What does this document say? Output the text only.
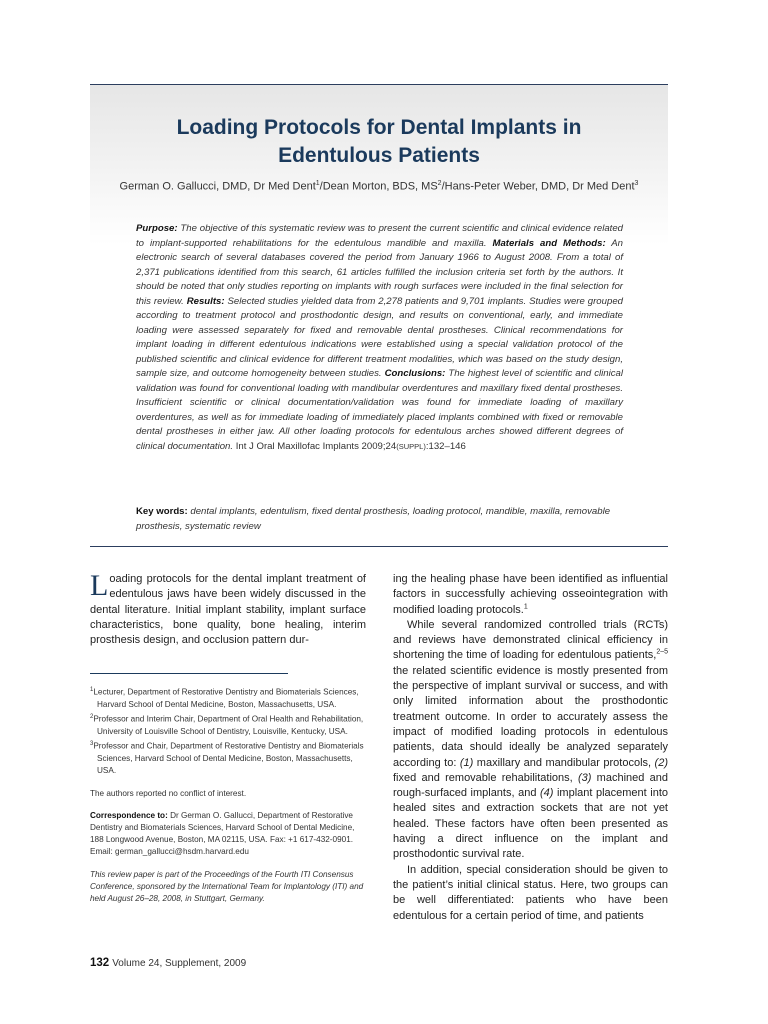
Loading Protocols for Dental Implants in
Edentulous Patients
German O. Gallucci, DMD, Dr Med Dent$^1$/Dean Morton, BDS, $MS^2/Hans$-Peter Weber, DMD, Dr Med Dent$^3$

Purpose: The objective of this systematic review was to present the current scientific and clinical evidence related to implant-supported rehabilitations for the edentulous mandible and maxilla. Materials and Methods: An electronic search of several databases covered the period from January 1966 to August 2008. From a total of 2,371 publications identified from this search, 61 articles fulfilled the inclusion criteria set forth by the authors. It should be noted that only studies reporting on implants with rough surfaces were included in the final selection for this review. Results: Selected studies yielded data from 2,278 patients and 9,701 implants. Studies were grouped according to treatment protocol and prosthodontic design, and results on conventional, early, and immediate loading were assessed separately for fixed and removable dental prostheses. Clinical recommendations for implant loading in different edentulous indications were established using a special validation protocol of the published scientific and clinical evidence for different treatment modalities, which was based on the study design, sample size, and outcome homogeneity between studies. Conclusions: The highest level of scientific and clinical validation was found for conventional loading with mandibular overdentures and maxillary fixed dental prostheses. Insufficient scientific or clinical documentation/validation was found for immediate loading of maxillary overdentures, as well as for immediate loading of immediately placed implants combined with fixed or removable dental prostheses in either jaw. All other loading protocols for edentulous arches showed different degrees of clinical documentation. Int J Oral Maxillofac Implants 2009;24(SUPPL):132–146

Key words: dental implants, edentulism, fixed dental prosthesis, loading protocol, mandible, maxilla, removable prosthesis, systematic review

Loading protocols for the dental implant treatment of edentulous jaws have been widely discussed in the dental literature. Initial implant stability, implant surface characteristics, bone quality, bone healing, interim prosthesis design, and occlusion pattern dur-

$^1$Lecturer, Department of Restorative Dentistry and Biomaterials Sciences, Harvard School of Dental Medicine, Boston, Massachusetts, USA.

$^2$Professor and Interim Chair, Department of Oral Health and Rehabilitation, University of Louisville School of Dentistry, Louisville, Kentucky, USA.

$^3$Professor and Chair, Department of Restorative Dentistry and Biomaterials Sciences, Harvard School of Dental Medicine, Boston, Massachusetts, USA.

The authors reported no conflict of interest.

Correspondence to: Dr German O. Gallucci, Department of Restorative Dentistry and Biomaterials Sciences, Harvard School of Dental Medicine, 188 Longwood Avenue, Boston, MA 02115, USA. Fax: +1 617-432-0901. Email: german_gallucci@hsdm.harvard.edu

This review paper is part of the Proceedings of the Fourth ITI Consensus Conference, sponsored by the International Team for Implantology (ITI) and held August 26–28, 2008, in Stuttgart, Germany.

ing the healing phase have been identified as influential factors in successfully achieving osseointegration with modified loading protocols.$^1$

While several randomized controlled trials (RCTs) and reviews have demonstrated clinical efficiency in shortening the time of loading for edentulous patients,$^{2-5}$ the related scientific evidence is mostly presented from the perspective of implant survival or success, and with only limited information about the prosthodontic treatment outcome. In order to accurately assess the impact of modified loading protocols in edentulous patients, data should ideally be analyzed separately according to: (1) maxillary and mandibular protocols, (2) fixed and removable rehabilitations, (3) machined and rough-surfaced implants, and (4) implant placement into healed sites and extraction sockets that are not yet healed. These factors have often been presented as having a direct influence on the implant and prosthodontic survival rate.

In addition, special consideration should be given to the patient’s initial clinical status. Here, two groups can be well differentiated: patients who have been edentulous for a certain period of time, and patients

132 Volume 24, Supplement, 2009
